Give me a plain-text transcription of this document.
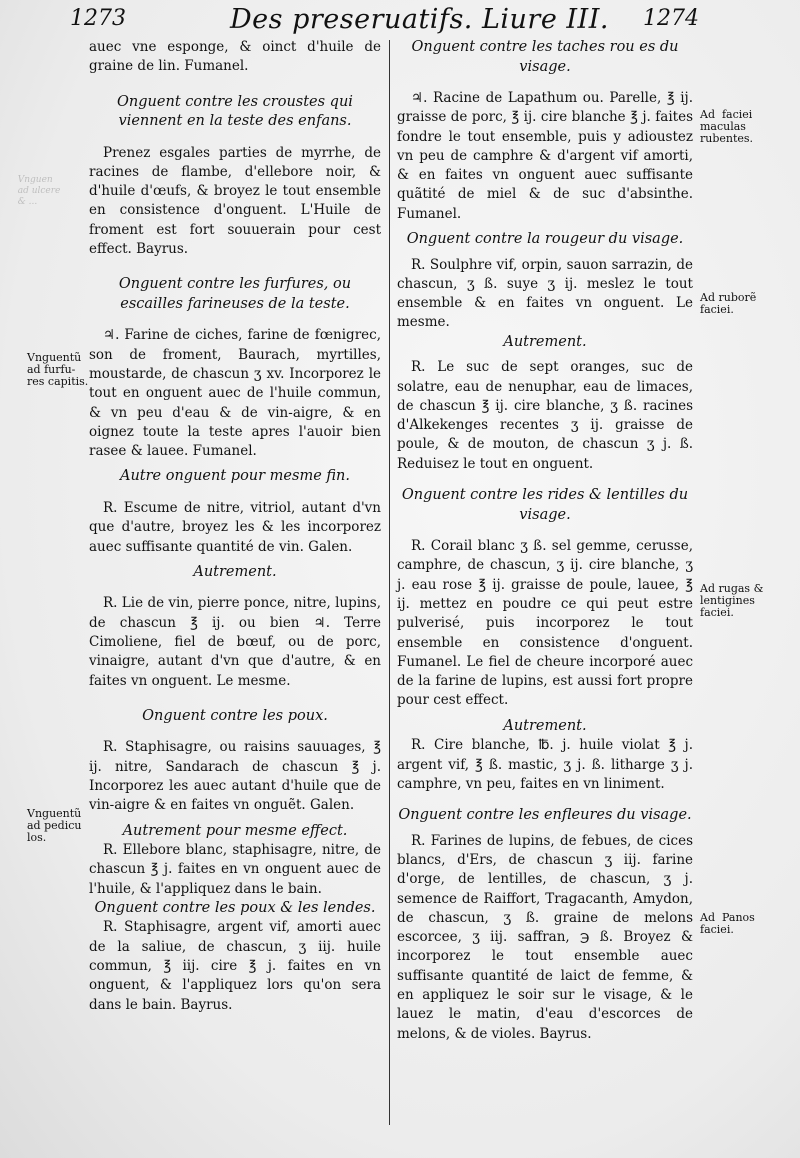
Vnguen
ad ulcere
& ...
1273	Des preseruatifs. Liure III. 1274

auec vne esponge, & oinct d'huile de graine de lin. Fumanel.

Onguent contre les croustes qui viennent en la teste des enfans.

Prenez esgales parties de myrrhe, de racines de flambe, d'ellebore noir, & d'huile d'œufs, & broyez le tout ensemble en consistence d'onguent. L'Huile de froment est fort souuerain pour cest effect. Bayrus.

Onguent contre les furfures, ou escailles farineuses de la teste.

♃. Farine de ciches, farine de fœnigrec, son de froment, Baurach, myrtilles, moustarde, de chascun ʒ xv. Incorporez le tout en onguent auec de l'huile commun, & vn peu d'eau & de vin-aigre, & en oignez toute la teste apres l'auoir bien rasee & lauee. Fumanel.

Autre onguent pour mesme fin.

R. Escume de nitre, vitriol, autant d'vn que d'autre, broyez les & les incorporez auec suffisante quantité de vin. Galen.

Autrement.

R. Lie de vin, pierre ponce, nitre, lupins, de chascun ℥ ij. ou bien ♃. Terre Cimoliene, fiel de bœuf, ou de porc, vinaigre, autant d'vn que d'autre, & en faites vn onguent. Le mesme.

Onguent contre les poux.

R. Staphisagre, ou raisins sauuages, ℥ ij. nitre, Sandarach de chascun ℥ j. Incorporez les auec autant d'huile que de vin-aigre & en faites vn onguẽt. Galen.

Autrement pour mesme effect.

R. Ellebore blanc, staphisagre, nitre, de chascun ℥ j. faites en vn onguent auec de l'huile, & l'appliquez dans le bain.

Onguent contre les poux & les lendes.

R. Staphisagre, argent vif, amorti auec de la saliue, de chascun, ʒ iij. huile commun, ℥ iij. cire ℥ j. faites en vn onguent, & l'appliquez lors qu'on sera dans le bain. Bayrus.

Onguent contre les taches rou es du visage.

♃. Racine de Lapathum ou. Parelle, ℥ ij. graisse de porc, ℥ ij. cire blanche ℥ j. faites fondre le tout ensemble, puis y adioustez vn peu de camphre & d'argent vif amorti, & en faites vn onguent auec suffisante quãtité de miel & de suc d'absinthe. Fumanel.

Onguent contre la rougeur du visage.

R. Soulphre vif, orpin, sauon sarrazin, de chascun, ʒ ß. suye ʒ ij. meslez le tout ensemble & en faites vn onguent. Le mesme.

Autrement.

R. Le suc de sept oranges, suc de solatre, eau de nenuphar, eau de limaces, de chascun ℥ ij. cire blanche, ʒ ß. racines d'Alkekenges recentes ʒ ij. graisse de poule, & de mouton, de chascun ʒ j. ß. Reduisez le tout en onguent.

Onguent contre les rides & lentilles du visage.

R. Corail blanc ʒ ß. sel gemme, cerusse, camphre, de chascun, ʒ ij. cire blanche, ʒ j. eau rose ℥ ij. graisse de poule, lauee, ℥ ij. mettez en poudre ce qui peut estre pulverisé, puis incorporez le tout ensemble en consistence d'onguent. Fumanel. Le fiel de cheure incorporé auec de la farine de lupins, est aussi fort propre pour cest effect.

Autrement.

R. Cire blanche, ℔. j. huile violat ℥ j. argent vif, ℥ ß. mastic, ʒ j. ß. litharge ʒ j. camphre, vn peu, faites en vn liniment.

Onguent contre les enfleures du visage.

R. Farines de lupins, de febues, de cices blancs, d'Ers, de chascun ʒ iij. farine d'orge, de lentilles, de chascun, ʒ j. semence de Raiffort, Tragacanth, Amydon, de chascun, ʒ ß. graine de melons escorcee, ʒ iij. saffran, ℈ ß. Broyez & incorporez le tout ensemble auec suffisante quantité de laict de femme, & en appliquez le soir sur le visage, & le lauez le matin, d'eau d'escorces de melons, & de violes. Bayrus.

Vnguentũ
ad furfu-
res capitis.
Vnguentũ
ad pedicu
los.
Ad  faciei
maculas
rubentes.
Ad ruborẽ
faciei.
Ad rugas &
lentigines
faciei.
Ad  Panos
faciei.
